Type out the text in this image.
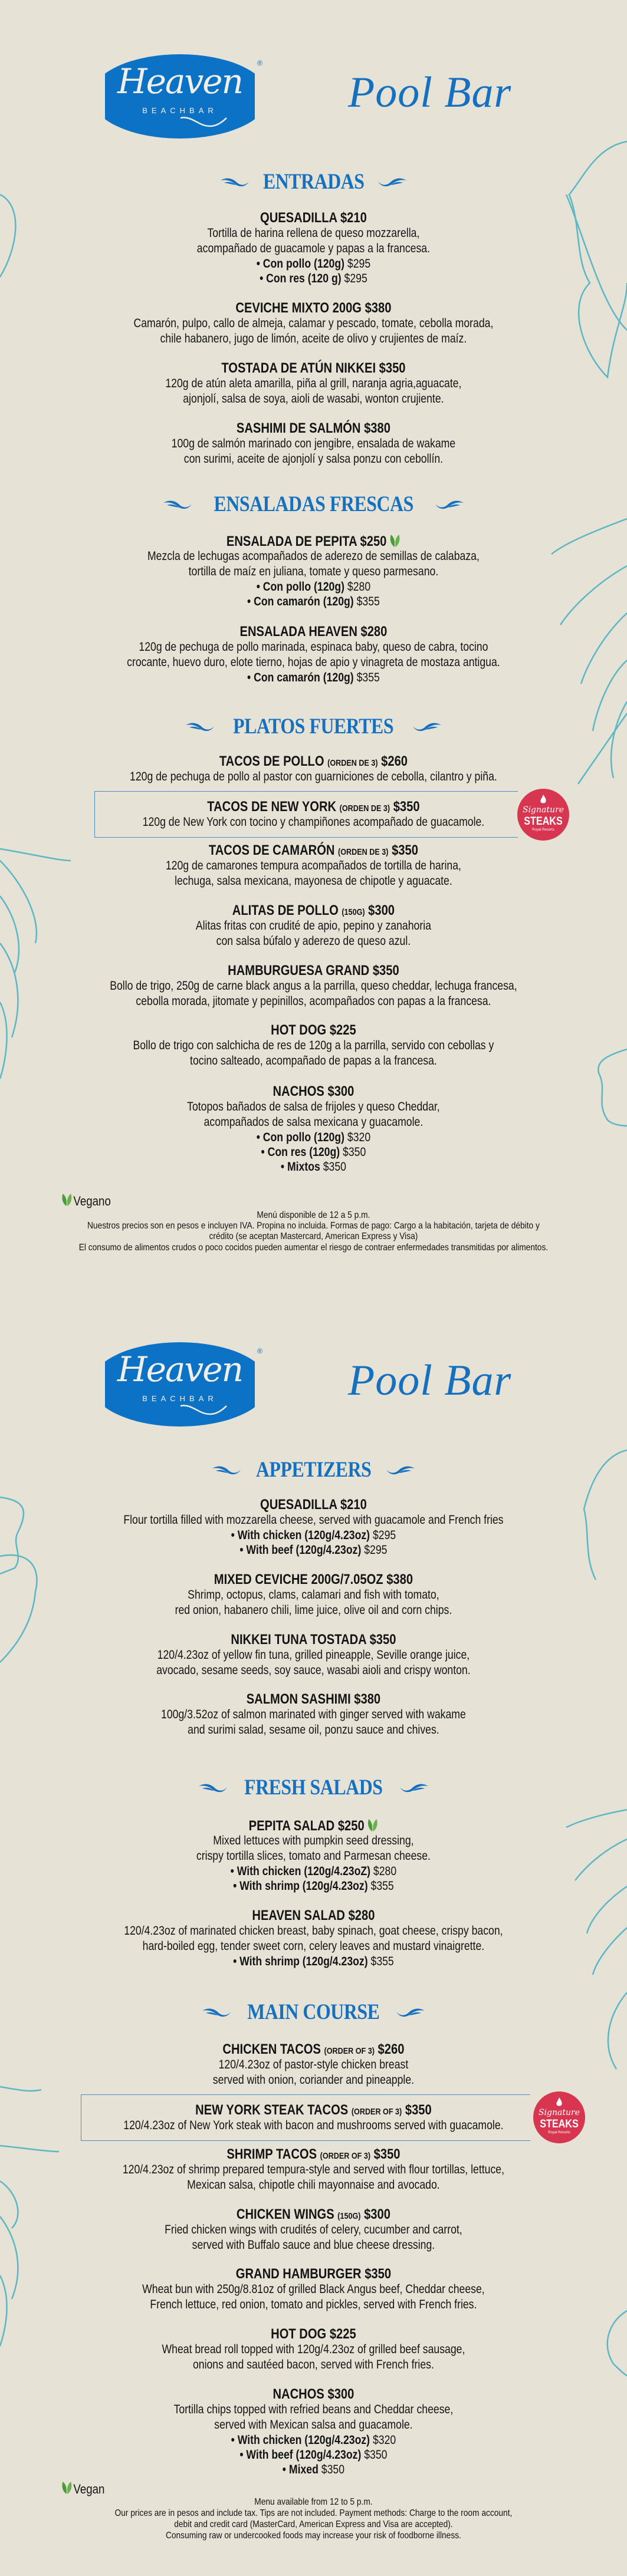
Heaven
BEACHBAR
®
Pool Bar
ENTRADAS
QUESADILLA $210
Tortilla de harina rellena de queso mozzarella,
acompañado de guacamole y papas a la francesa.
• Con pollo (120g) $295
• Con res (120 g) $295
CEVICHE MIXTO 200G $380
Camarón, pulpo, callo de almeja, calamar y pescado, tomate, cebolla morada,
chile habanero, jugo de limón, aceite de olivo y crujientes de maíz.
TOSTADA DE ATÚN NIKKEI $350
120g de atún aleta amarilla, piña al grill, naranja agria,aguacate,
ajonjolí, salsa de soya, aioli de wasabi, wonton crujiente.
SASHIMI DE SALMÓN $380
100g de salmón marinado con jengibre, ensalada de wakame
con surimi, aceite de ajonjolí y salsa ponzu con cebollín.
ENSALADAS FRESCAS
ENSALADA DE PEPITA $250
Mezcla de lechugas acompañados de aderezo de semillas de calabaza,
tortilla de maíz en juliana, tomate y queso parmesano.
• Con pollo (120g) $280
• Con camarón (120g) $355
ENSALADA HEAVEN $280
120g de pechuga de pollo marinada, espinaca baby, queso de cabra, tocino
crocante, huevo duro, elote tierno, hojas de apio y vinagreta de mostaza antigua.
• Con camarón (120g) $355
PLATOS FUERTES
TACOS DE POLLO (ORDEN DE 3) $260
120g de pechuga de pollo al pastor con guarniciones de cebolla, cilantro y piña.
Signature
STEAKS
Royal Resorts
TACOS DE NEW YORK (ORDEN DE 3) $350
120g de New York con tocino y champiñones acompañado de guacamole.
TACOS DE CAMARÓN (ORDEN DE 3) $350
120g de camarones tempura acompañados de tortilla de harina,
lechuga, salsa mexicana, mayonesa de chipotle y aguacate.
ALITAS DE POLLO (150G) $300
Alitas fritas con crudité de apio, pepino y zanahoria
con salsa búfalo y aderezo de queso azul.
HAMBURGUESA GRAND $350
Bollo de trigo, 250g de carne black angus a la parrilla, queso cheddar, lechuga francesa,
cebolla morada, jitomate y pepinillos, acompañados con papas a la francesa.
HOT DOG $225
Bollo de trigo con salchicha de res de 120g a la parrilla, servido con cebollas y
tocino salteado, acompañado de papas a la francesa.
NACHOS $300
Totopos bañados de salsa de frijoles y queso Cheddar,
acompañados de salsa mexicana y guacamole.
• Con pollo (120g) $320
• Con res (120g) $350
• Mixtos $350
Vegano
Menú disponible de 12 a 5 p.m.
Nuestros precios son en pesos e incluyen IVA. Propina no incluida. Formas de pago: Cargo a la habitación, tarjeta de débito y
crédito (se aceptan Mastercard, American Express y Visa)
El consumo de alimentos crudos o poco cocidos pueden aumentar el riesgo de contraer enfermedades transmitidas por alimentos.
Heaven
BEACHBAR
®
Pool Bar
APPETIZERS
QUESADILLA $210
Flour tortilla filled with mozzarella cheese, served with guacamole and French fries
• With chicken (120g/4.23oz) $295
• With beef (120g/4.23oz) $295
MIXED CEVICHE 200G/7.05OZ $380
Shrimp, octopus, clams, calamari and fish with tomato,
red onion, habanero chili, lime juice, olive oil and corn chips.
NIKKEI TUNA TOSTADA $350
120/4.23oz of yellow fin tuna, grilled pineapple, Seville orange juice,
avocado, sesame seeds, soy sauce, wasabi aioli and crispy wonton.
SALMON SASHIMI $380
100g/3.52oz of salmon marinated with ginger served with wakame
and surimi salad, sesame oil, ponzu sauce and chives.
FRESH SALADS
PEPITA SALAD $250
Mixed lettuces with pumpkin seed dressing,
crispy tortilla slices, tomato and Parmesan cheese.
• With chicken (120g/4.23oZ) $280
• With shrimp (120g/4.23oz) $355
HEAVEN SALAD $280
120/4.23oz of marinated chicken breast, baby spinach, goat cheese, crispy bacon,
hard-boiled egg, tender sweet corn, celery leaves and mustard vinaigrette.
• With shrimp (120g/4.23oz) $355
MAIN COURSE
CHICKEN TACOS (ORDER OF 3) $260
120/4.23oz of pastor-style chicken breast
served with onion, coriander and pineapple.
Signature
STEAKS
Royal Resorts
NEW YORK STEAK TACOS (ORDER OF 3) $350
120/4.23oz of New York steak with bacon and mushrooms served with guacamole.
SHRIMP TACOS (ORDER OF 3) $350
120/4.23oz of shrimp prepared tempura-style and served with flour tortillas, lettuce,
Mexican salsa, chipotle chili mayonnaise and avocado.
CHICKEN WINGS (150G) $300
Fried chicken wings with crudités of celery, cucumber and carrot,
served with Buffalo sauce and blue cheese dressing.
GRAND HAMBURGER $350
Wheat bun with 250g/8.81oz of grilled Black Angus beef, Cheddar cheese,
French lettuce, red onion, tomato and pickles, served with French fries.
HOT DOG $225
Wheat bread roll topped with 120g/4.23oz of grilled beef sausage,
onions and sautéed bacon, served with French fries.
NACHOS $300
Tortilla chips topped with refried beans and Cheddar cheese,
served with Mexican salsa and guacamole.
• With chicken (120g/4.23oz) $320
• With beef (120g/4.23oz) $350
• Mixed $350
Vegan
Menu available from 12 to 5 p.m.
Our prices are in pesos and include tax. Tips are not included. Payment methods: Charge to the room account,
debit and credit card (MasterCard, American Express and Visa are accepted).
Consuming raw or undercooked foods may increase your risk of foodborne illness.
